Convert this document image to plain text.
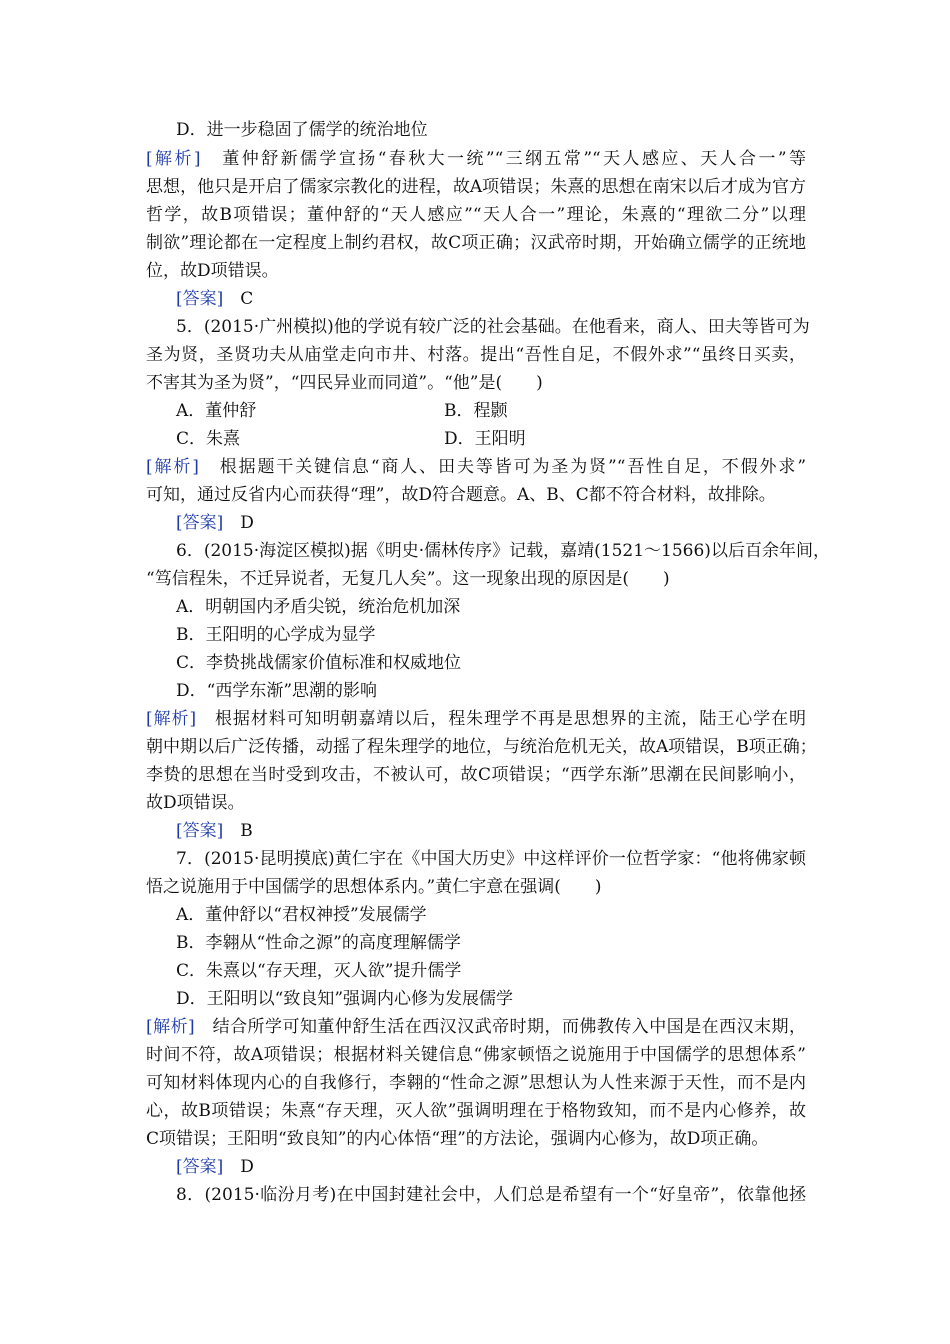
D．进一步稳固了儒学的统治地位
[解析]　 董仲舒新儒学宣扬“春秋大一统”“三纲五常”“天人感应、天人合一”等
思想，他只是开启了儒家宗教化的进程，故A项错误；朱熹的思想在南宋以后才成为官方
哲学，故B项错误；董仲舒的“天人感应”“天人合一”理论，朱熹的“理欲二分”以理
制欲”理论都在一定程度上制约君权，故C项正确；汉武帝时期，开始确立儒学的正统地
位，故D项错误。
[答案]　 C
5．(2015·广州模拟)他的学说有较广泛的社会基础。在他看来，商人、田夫等皆可为
圣为贤，圣贤功夫从庙堂走向市井、村落。提出“吾性自足，不假外求”“虽终日买卖，
不害其为圣为贤”，“四民异业而同道”。“他”是(　　)
A．董仲舒	B．程颢
C．朱熹	D．王阳明
[解析]　 根据题干关键信息“商人、田夫等皆可为圣为贤”“吾性自足，不假外求”
可知，通过反省内心而获得“理”，故D符合题意。A、B、C都不符合材料，故排除。
[答案]　 D
6．(2015·海淀区模拟)据《明史·儒林传序》记载，嘉靖(1521～1566)以后百余年间，
“笃信程朱，不迁异说者，无复几人矣”。这一现象出现的原因是(　　)
A．明朝国内矛盾尖锐，统治危机加深
B．王阳明的心学成为显学
C．李贽挑战儒家价值标准和权威地位
D．“西学东渐”思潮的影响
[解析]　 根据材料可知明朝嘉靖以后，程朱理学不再是思想界的主流，陆王心学在明
朝中期以后广泛传播，动摇了程朱理学的地位，与统治危机无关，故A项错误，B项正确；
李贽的思想在当时受到攻击，不被认可，故C项错误；“西学东渐”思潮在民间影响小，
故D项错误。
[答案]　 B
7．(2015·昆明摸底)黄仁宇在《中国大历史》中这样评价一位哲学家：“他将佛家顿
悟之说施用于中国儒学的思想体系内。”黄仁宇意在强调(　　)
A．董仲舒以“君权神授”发展儒学
B．李翱从“性命之源”的高度理解儒学
C．朱熹以“存天理，灭人欲”提升儒学
D．王阳明以“致良知”强调内心修为发展儒学
[解析]　 结合所学可知董仲舒生活在西汉汉武帝时期，而佛教传入中国是在西汉末期，
时间不符，故A项错误；根据材料关键信息“佛家顿悟之说施用于中国儒学的思想体系”
可知材料体现内心的自我修行，李翱的“性命之源”思想认为人性来源于天性，而不是内
心，故B项错误；朱熹“存天理，灭人欲”强调明理在于格物致知，而不是内心修养，故
C项错误；王阳明“致良知”的内心体悟“理”的方法论，强调内心修为，故D项正确。
[答案]　 D
8．(2015·临汾月考)在中国封建社会中，人们总是希望有一个“好皇帝”，依靠他拯
